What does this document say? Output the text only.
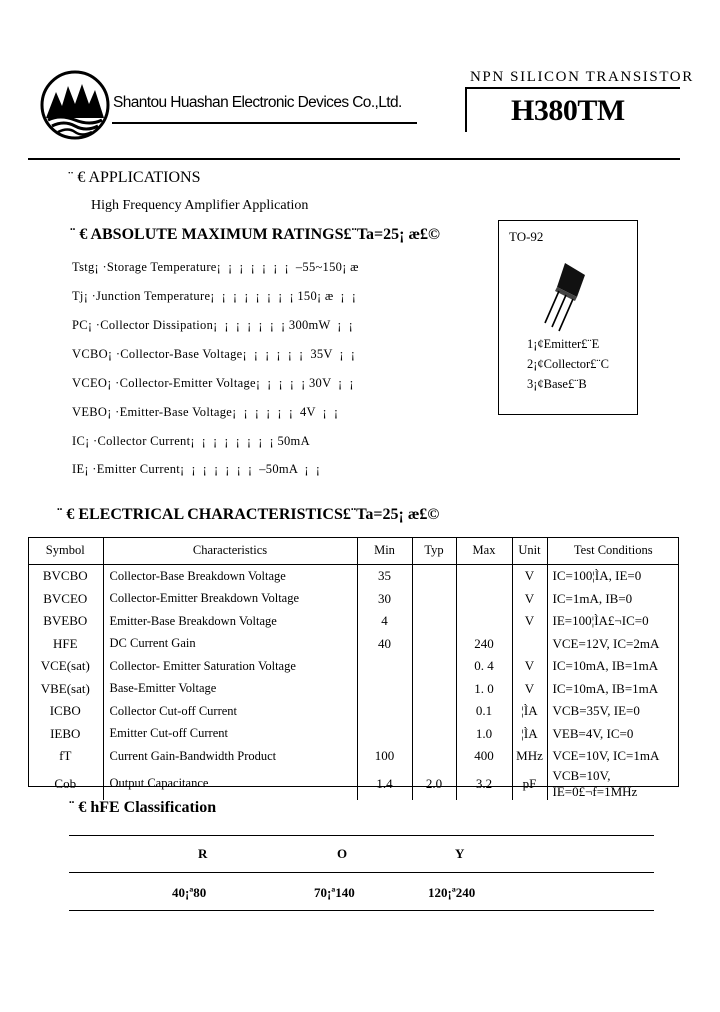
Shantou Huashan Electronic Devices Co.,Ltd.
NPN SILICON TRANSISTOR
H380TM
¨ € APPLICATIONS
High Frequency Amplifier Application
¨ € ABSOLUTE MAXIMUM RATINGS£¨Ta=25¡ æ£©
Tstg¡ ·Storage Temperature¡ ¡ ¡ ¡ ¡ ¡ ¡ –55~150¡ æ
Tj¡ ·Junction Temperature¡ ¡ ¡ ¡ ¡ ¡ ¡ ¡ 150¡ æ ¡ ¡
PC¡ ·Collector Dissipation¡ ¡ ¡ ¡ ¡ ¡ ¡ 300mW ¡ ¡
VCBO¡ ·Collector-Base Voltage¡ ¡ ¡ ¡ ¡ ¡ 35V ¡ ¡
VCEO¡ ·Collector-Emitter Voltage¡ ¡ ¡ ¡ ¡ 30V ¡ ¡
VEBO¡ ·Emitter-Base Voltage¡ ¡ ¡ ¡ ¡ ¡ 4V ¡ ¡
IC¡ ·Collector Current¡ ¡ ¡ ¡ ¡ ¡ ¡ ¡ 50mA
IE¡ ·Emitter Current¡ ¡ ¡ ¡ ¡ ¡ ¡ –50mA ¡ ¡
TO-92
1¡¢Emitter£¨E
2¡¢Collector£¨C
3¡¢Base£¨B
¨ € ELECTRICAL CHARACTERISTICS£¨Ta=25¡ æ£©
Symbol	Characteristics	Min	Typ	Max	Unit	Test Conditions
BVCBO	Collector-Base Breakdown Voltage	35			V	IC=100¦ÌA, IE=0
BVCEO	Collector-Emitter Breakdown Voltage	30			V	IC=1mA, IB=0
BVEBO	Emitter-Base Breakdown Voltage	4			V	IE=100¦ÌA£¬IC=0
HFE	DC Current Gain	40		240		VCE=12V, IC=2mA
VCE(sat)	Collector- Emitter Saturation Voltage			0. 4	V	IC=10mA, IB=1mA
VBE(sat)	Base-Emitter Voltage			1. 0	V	IC=10mA, IB=1mA
ICBO	Collector Cut-off Current			0.1	¦ÌA	VCB=35V, IE=0
IEBO	Emitter Cut-off Current			1.0	¦ÌA	VEB=4V, IC=0
fT	Current Gain-Bandwidth Product	100		400	MHz	VCE=10V, IC=1mA
Cob	Output Capacitance	1.4	2.0	3.2	pF	VCB=10V, IE=0£¬f=1MHz
¨ € hFE Classification
R	O	Y
40¡ª80	70¡ª140	120¡ª240
